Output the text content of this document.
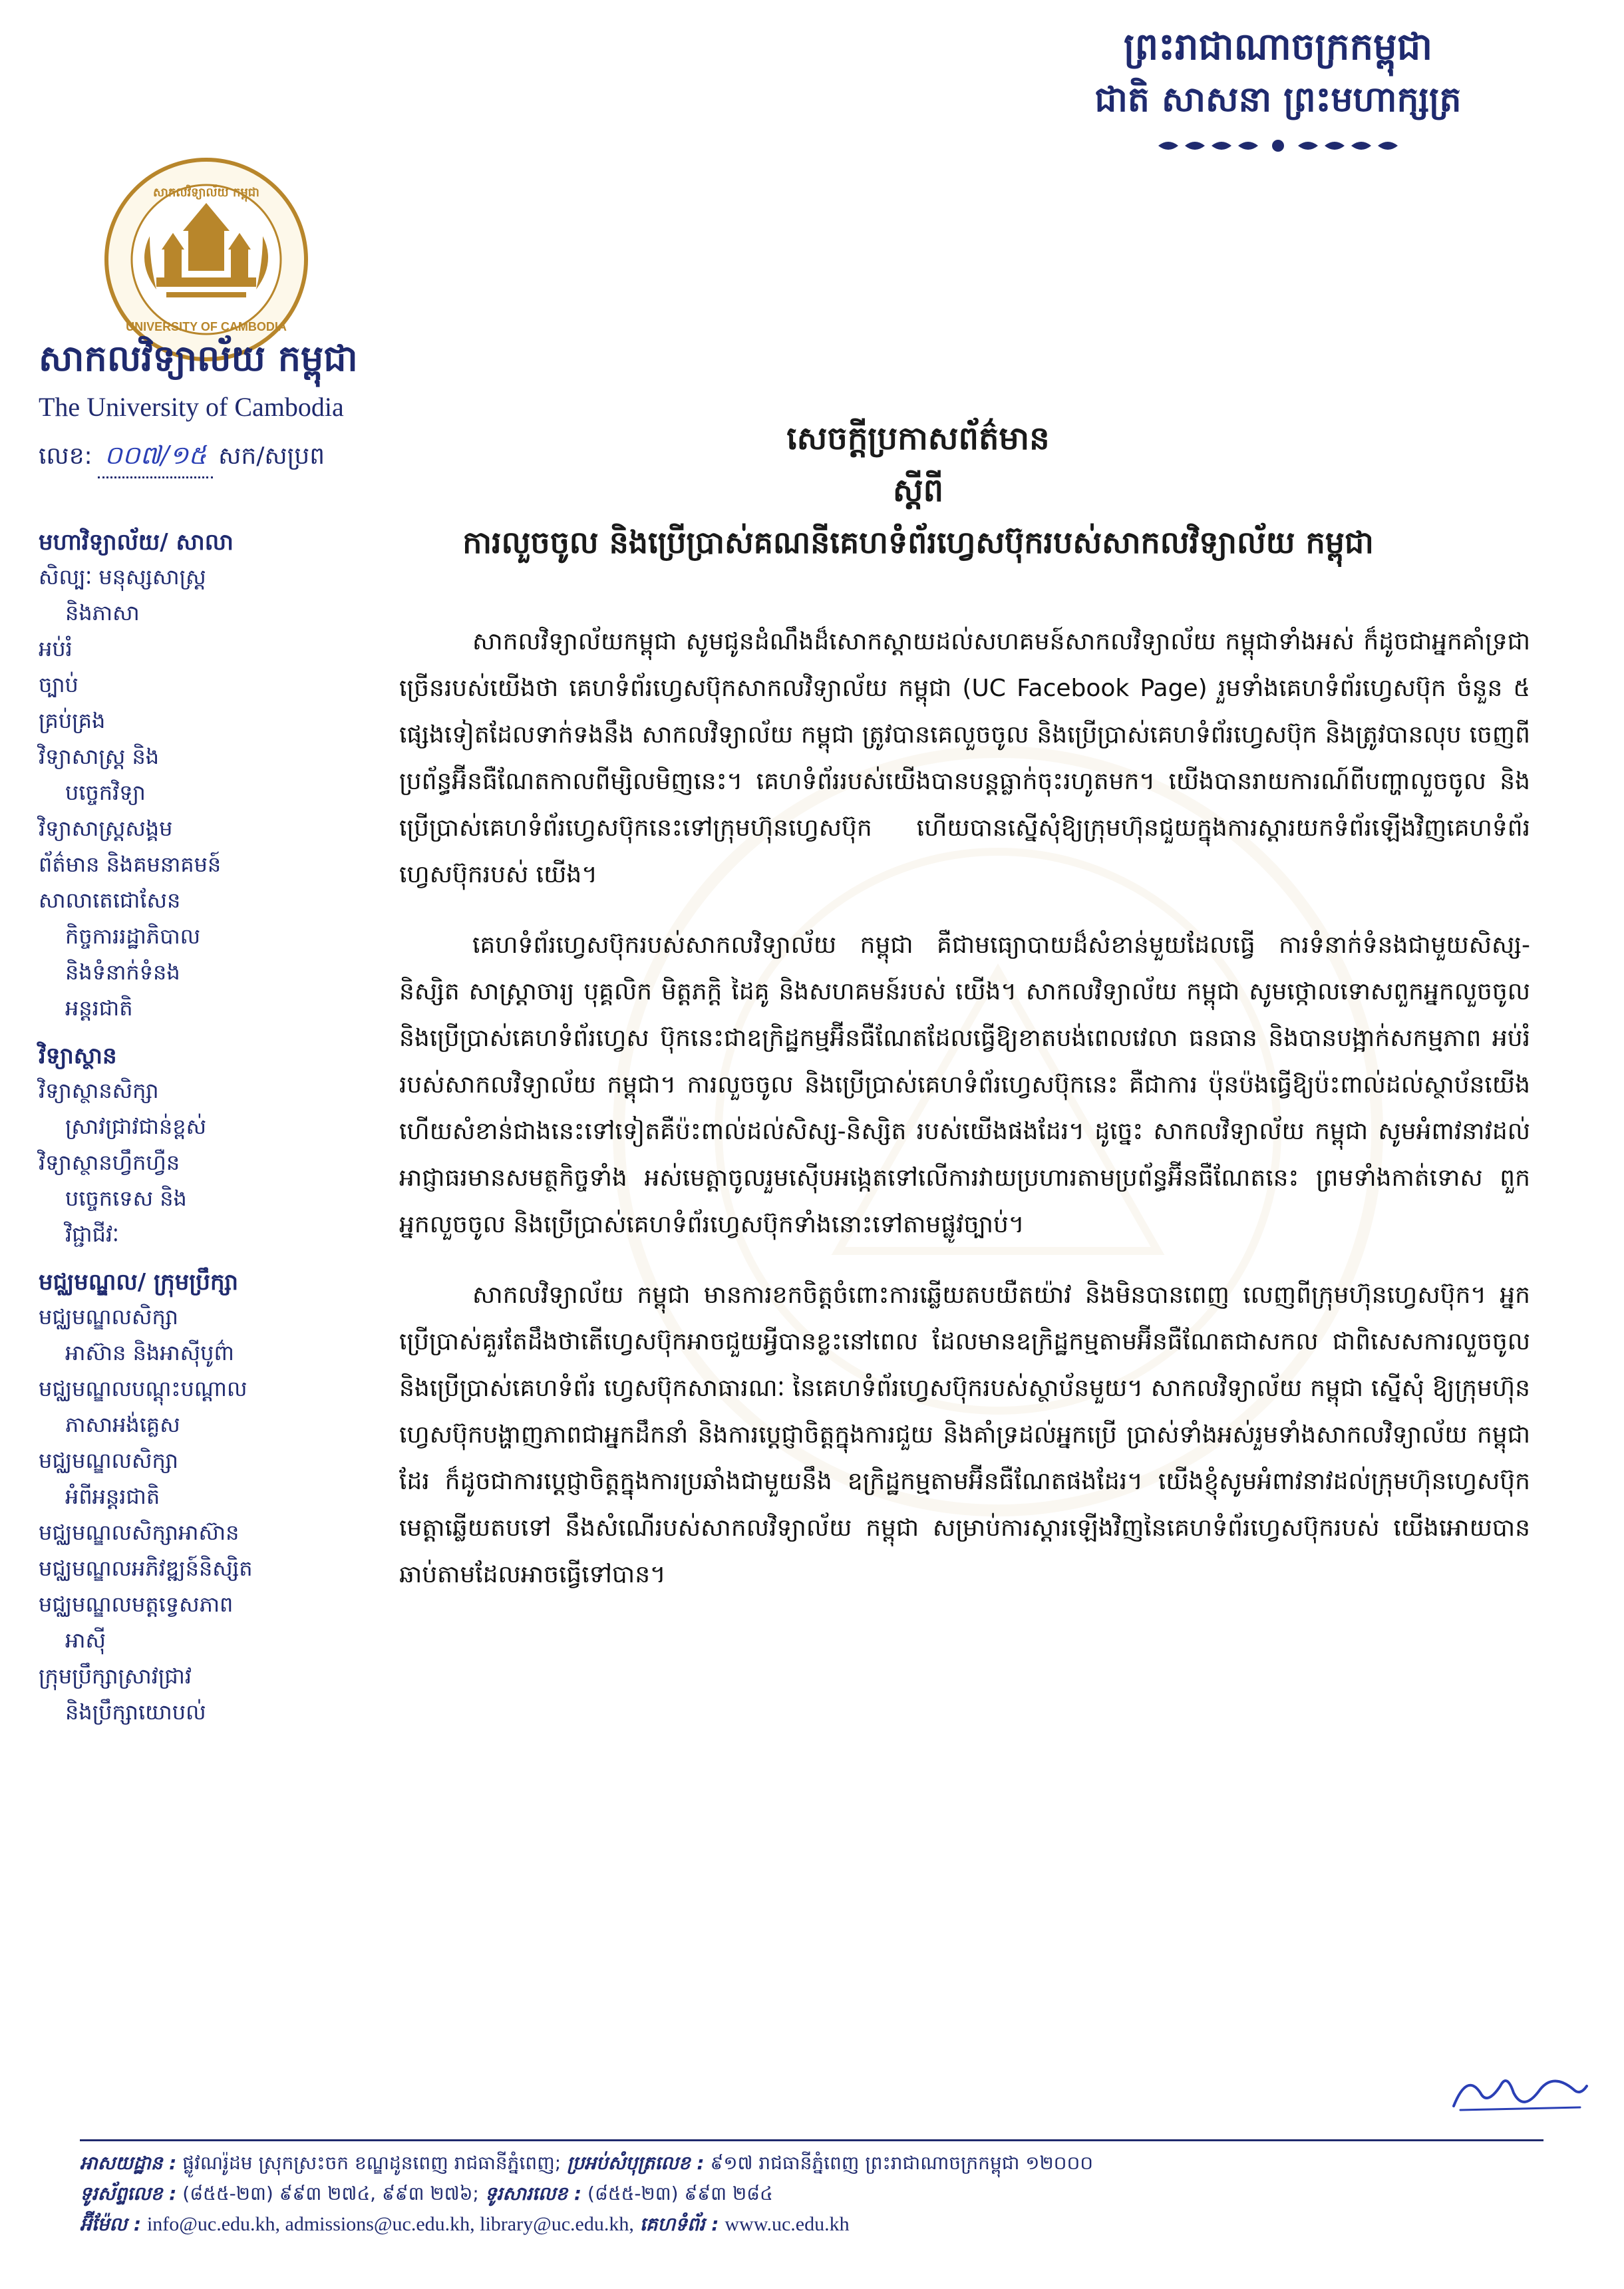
ព្រះរាជាណាចក្រកម្ពុជា
ជាតិ សាសនា ព្រះមហាក្សត្រ
UNIVERSITY OF CAMBODIA
សាកលវិទ្យាល័យ កម្ពុជា
សាកលវិទ្យាល័យ កម្ពុជា
The University of Cambodia
លេខ: ០០៧/១៥ សក/សប្រព	សេចក្តីប្រកាសព័ត៌មាន
ស្តីពី
ការលួចចូល និងប្រើប្រាស់គណនីគេហទំព័រហ្វេសប៊ុករបស់សាកលវិទ្យាល័យ កម្ពុជា
មហាវិទ្យាល័យ/ សាលា
សិល្បៈ មនុស្សសាស្ត្រ
និងភាសា
អប់រំ
ច្បាប់
គ្រប់គ្រង
វិទ្យាសាស្ត្រ និង
បច្ចេកវិទ្យា
វិទ្យាសាស្ត្រសង្គម
ព័ត៌មាន និងគមនាគមន៍
សាលាតេជោសែន
កិច្ចការរដ្ឋាភិបាល
និងទំនាក់ទំនង
អន្តរជាតិ
វិទ្យាស្ថាន
វិទ្យាស្ថានសិក្សា
ស្រាវជ្រាវជាន់ខ្ពស់
វិទ្យាស្ថានហ្វឹកហ្វឺន
បច្ចេកទេស និង
វិជ្ជាជីវៈ
មជ្ឈមណ្ឌល/ ក្រុមប្រឹក្សា
មជ្ឈមណ្ឌលសិក្សា
អាស៊ាន និងអាស៊ីបូព៌ា
មជ្ឈមណ្ឌលបណ្តុះបណ្តាល
ភាសាអង់គ្លេស
មជ្ឈមណ្ឌលសិក្សា
អំពីអន្តរជាតិ
មជ្ឈមណ្ឌលសិក្សាអាស៊ាន
មជ្ឈមណ្ឌលអភិវឌ្ឍន៍និស្សិត
មជ្ឈមណ្ឌលមត្តទ្វេសភាព
អាស៊ី
ក្រុមប្រឹក្សាស្រាវជ្រាវ
និងប្រឹក្សាយោបល់

សាកលវិទ្យាល័យកម្ពុជា សូមជូនដំណឹងដ៏សោកស្តាយដល់សហគមន៍សាកលវិទ្យាល័យ កម្ពុជាទាំងអស់ ក៏ដូចជាអ្នកគាំទ្រជាច្រើនរបស់យើងថា គេហទំព័រហ្វេសប៊ុកសាកលវិទ្យាល័យ កម្ពុជា (UC Facebook Page) រួមទាំងគេហទំព័រហ្វេសប៊ុក ចំនួន ៥ ផ្សេងទៀតដែលទាក់ទងនឹង សាកលវិទ្យាល័យ កម្ពុជា ត្រូវបានគេលួចចូល និងប្រើប្រាស់គេហទំព័រហ្វេសប៊ុក និងត្រូវបានលុប ចេញពីប្រព័ន្ធអ៊ីនធឺណែតកាលពីម្សិលមិញនេះ។ គេហទំព័ររបស់យើងបានបន្តធ្លាក់ចុះរហូតមក។ យើងបានរាយការណ៍ពីបញ្ហាលួចចូល និងប្រើប្រាស់គេហទំព័រហ្វេសប៊ុកនេះទៅក្រុមហ៊ុនហ្វេសប៊ុក ហើយបានស្នើសុំឱ្យក្រុមហ៊ុនជួយក្នុងការស្តារយកទំព័រឡើងវិញគេហទំព័រហ្វេសប៊ុករបស់ យើង។

គេហទំព័រហ្វេសប៊ុករបស់សាកលវិទ្យាល័យ កម្ពុជា គឺជាមធ្យោបាយដ៏សំខាន់មួយដែលធ្វើ ការទំនាក់ទំនងជាមួយសិស្ស-និស្សិត សាស្ត្រាចារ្យ បុគ្គលិក មិត្តភក្តិ ដៃគូ និងសហគមន៍របស់ យើង។ សាកលវិទ្យាល័យ កម្ពុជា សូមថ្កោលទោសពួកអ្នកលួចចូល និងប្រើប្រាស់គេហទំព័រហ្វេស ប៊ុកនេះជាឧក្រិដ្ឋកម្មអ៊ីនធឺណែតដែលធ្វើឱ្យខាតបង់ពេលវេលា ធនធាន និងបានបង្អាក់សកម្មភាព អប់រំរបស់សាកលវិទ្យាល័យ កម្ពុជា។ ការលួចចូល និងប្រើប្រាស់គេហទំព័រហ្វេសប៊ុកនេះ គឺជាការ ប៉ុនប៉ងធ្វើឱ្យប៉ះពាល់ដល់ស្ថាប័នយើងហើយសំខាន់ជាងនេះទៅទៀតគឺប៉ះពាល់ដល់សិស្ស-និស្សិត របស់យើងផងដែរ។ ដូច្នេះ សាកលវិទ្យាល័យ កម្ពុជា សូមអំពាវនាវដល់អាជ្ញាធរមានសមត្ថកិច្ចទាំង អស់មេត្តាចូលរួមស៊ើបអង្កេតទៅលើការវាយប្រហារតាមប្រព័ន្ធអ៊ីនធឺណែតនេះ ព្រមទាំងកាត់ទោស ពួកអ្នកលួចចូល និងប្រើប្រាស់គេហទំព័រហ្វេសប៊ុកទាំងនោះទៅតាមផ្លូវច្បាប់។

សាកលវិទ្យាល័យ កម្ពុជា មានការខកចិត្តចំពោះការឆ្លើយតបយឺតយ៉ាវ និងមិនបានពេញ លេញពីក្រុមហ៊ុនហ្វេសប៊ុក។ អ្នកប្រើប្រាស់គួរតែដឹងថាតើហ្វេសប៊ុកអាចជួយអ្វីបានខ្លះនៅពេល ដែលមានឧក្រិដ្ឋកម្មតាមអ៊ីនធឺណែតជាសកល ជាពិសេសការលួចចូល និងប្រើប្រាស់គេហទំព័រ ហ្វេសប៊ុកសាធារណៈ នៃគេហទំព័រហ្វេសប៊ុករបស់ស្ថាប័នមួយ។ សាកលវិទ្យាល័យ កម្ពុជា ស្នើសុំ ឱ្យក្រុមហ៊ុនហ្វេសប៊ុកបង្ហាញភាពជាអ្នកដឹកនាំ និងការប្តេជ្ញាចិត្តក្នុងការជួយ និងគាំទ្រដល់អ្នកប្រើ ប្រាស់ទាំងអស់រួមទាំងសាកលវិទ្យាល័យ កម្ពុជា ដែរ ក៏ដូចជាការប្តេជ្ញាចិត្តក្នុងការប្រឆាំងជាមួយនឹង ឧក្រិដ្ឋកម្មតាមអ៊ីនធឺណែតផងដែរ។ យើងខ្ញុំសូមអំពាវនាវដល់ក្រុមហ៊ុនហ្វេសប៊ុកមេត្តាឆ្លើយតបទៅ នឹងសំណើរបស់សាកលវិទ្យាល័យ កម្ពុជា សម្រាប់ការស្តារឡើងវិញនៃគេហទំព័រហ្វេសប៊ុករបស់ យើងអោយបានឆាប់តាមដែលអាចធ្វើទៅបាន។

អាសយដ្ឋាន : ផ្លូវណរ៉ូដម ស្រុកស្រះចក ខណ្ឌដូនពេញ រាជធានីភ្នំពេញ; ប្រអប់សំបុត្រលេខ : ៩១៧ រាជធានីភ្នំពេញ ព្រះរាជាណាចក្រកម្ពុជា ១២០០០
ទូរស័ព្ទលេខ : (៨៥៥-២៣) ៩៩៣ ២៧៤, ៩៩៣ ២៧៦; ទូរសារលេខ : (៨៥៥-២៣) ៩៩៣ ២៨៤
អ៊ីម៉ែល : info@uc.edu.kh, admissions@uc.edu.kh, library@uc.edu.kh, គេហទំព័រ : www.uc.edu.kh
